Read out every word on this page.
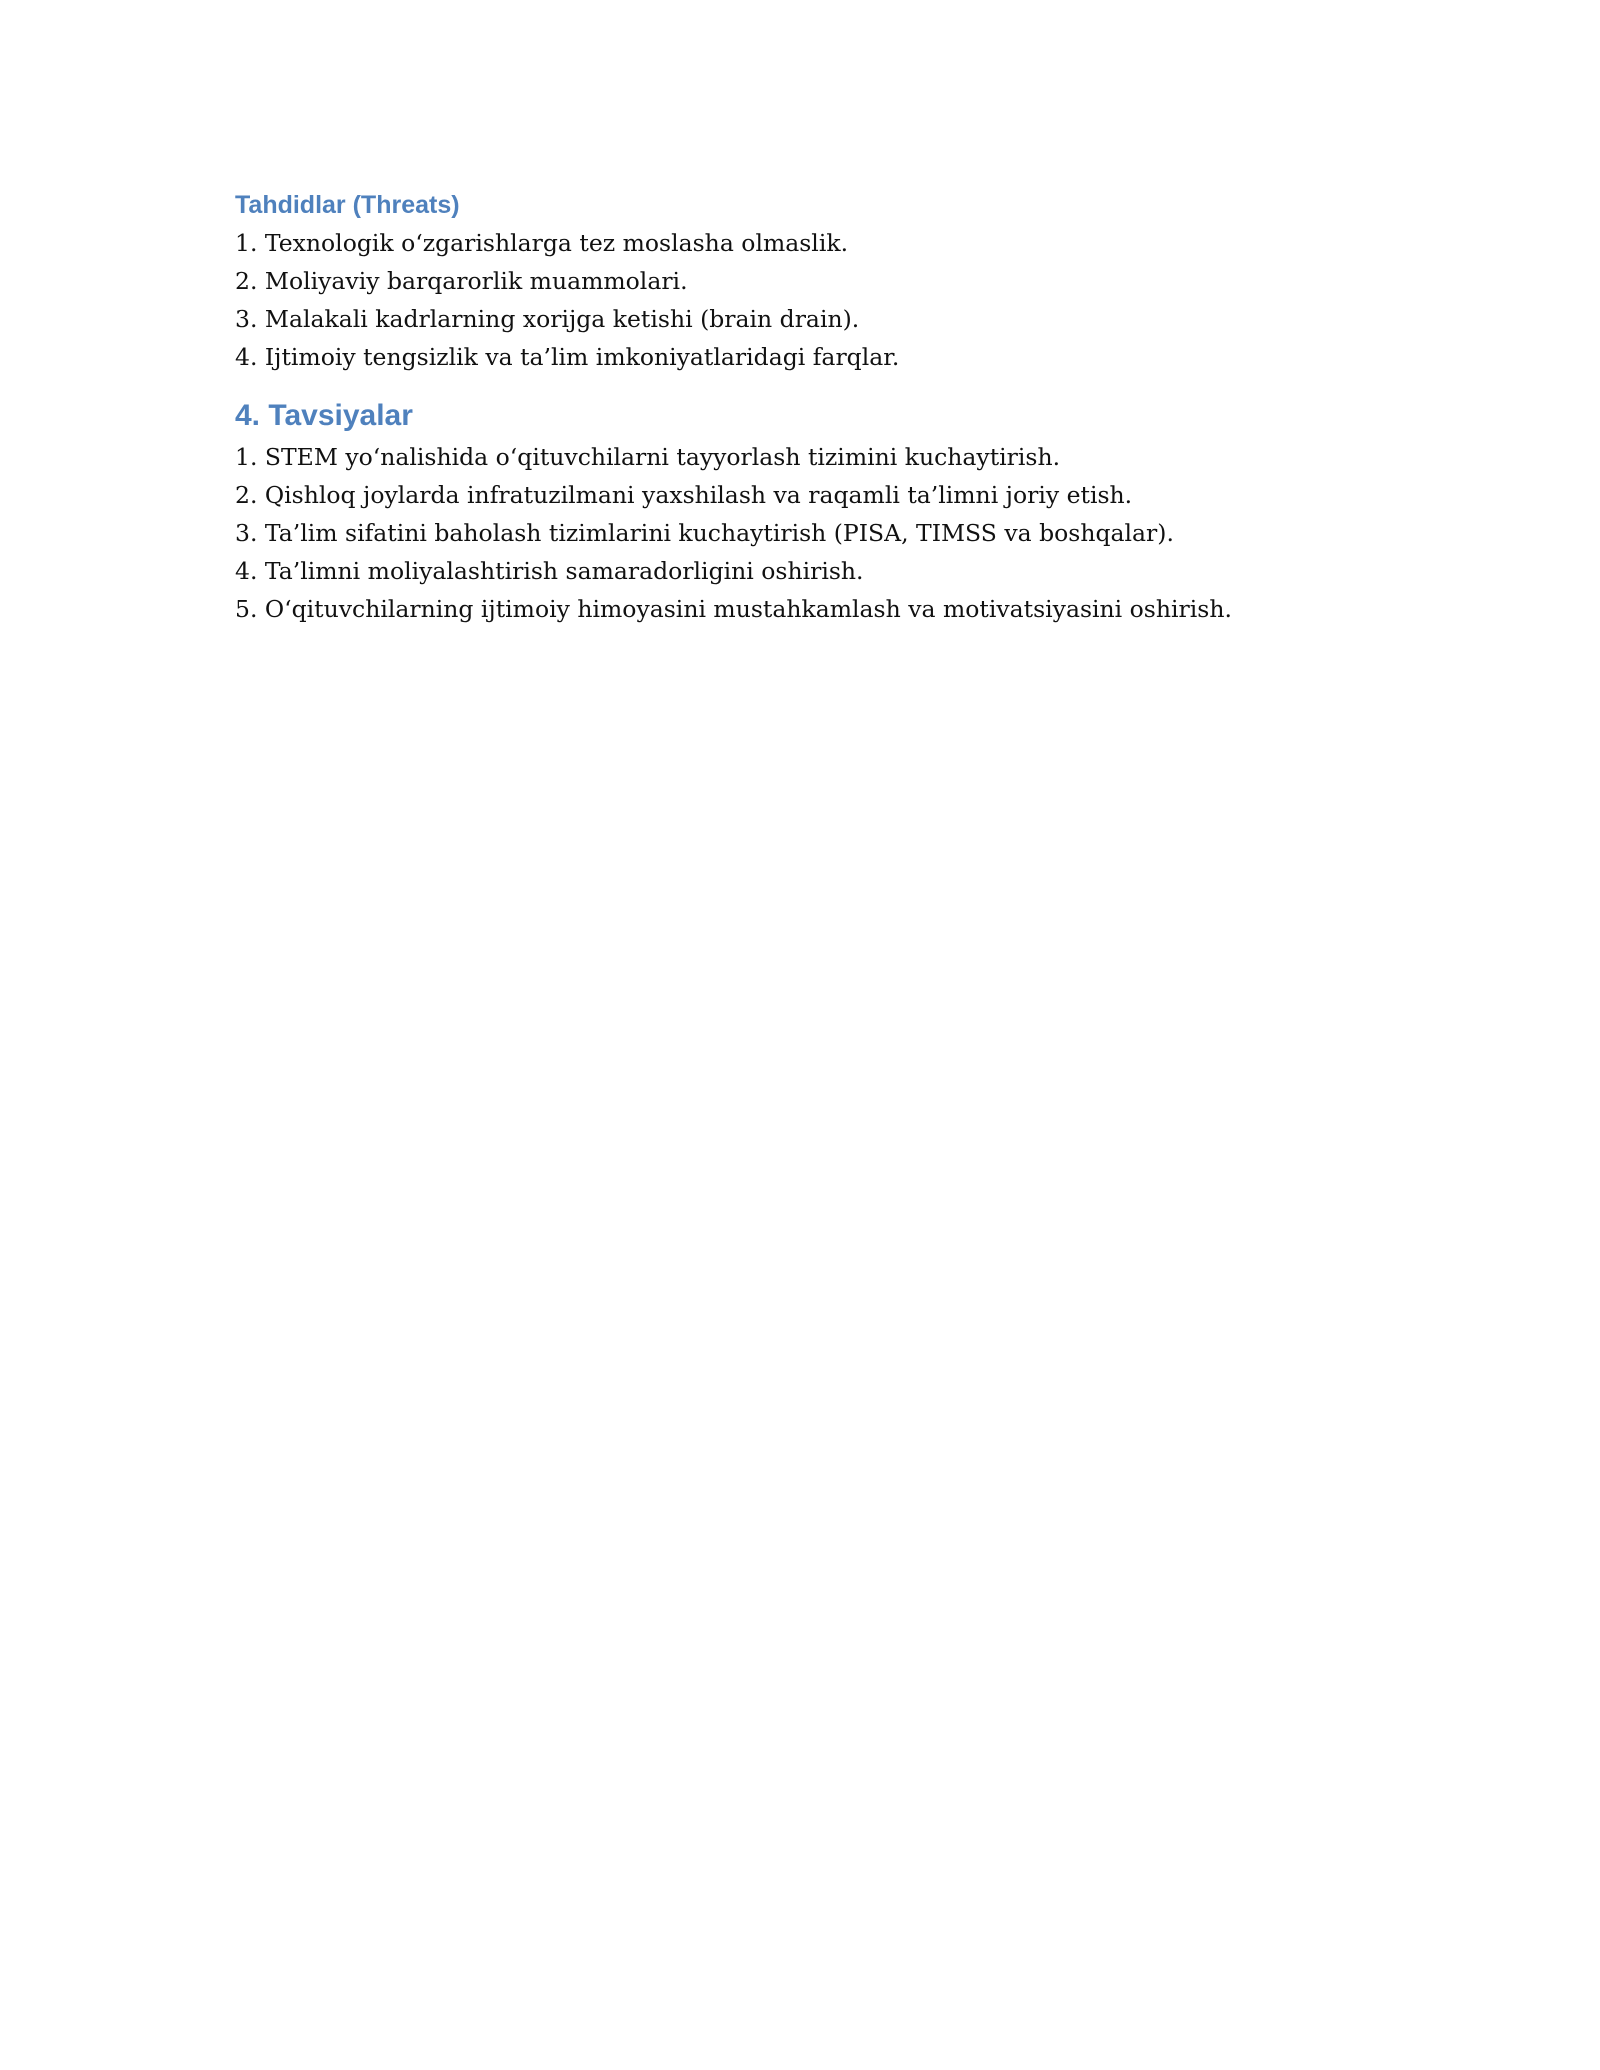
Tahdidlar (Threats)
1. Texnologik o‘zgarishlarga tez moslasha olmaslik.
2. Moliyaviy barqarorlik muammolari.
3. Malakali kadrlarning xorijga ketishi (brain drain).
4. Ijtimoiy tengsizlik va ta’lim imkoniyatlaridagi farqlar.
4. Tavsiyalar
1. STEM yo‘nalishida o‘qituvchilarni tayyorlash tizimini kuchaytirish.
2. Qishloq joylarda infratuzilmani yaxshilash va raqamli ta’limni joriy etish.
3. Ta’lim sifatini baholash tizimlarini kuchaytirish (PISA, TIMSS va boshqalar).
4. Ta’limni moliyalashtirish samaradorligini oshirish.
5. O‘qituvchilarning ijtimoiy himoyasini mustahkamlash va motivatsiyasini oshirish.
